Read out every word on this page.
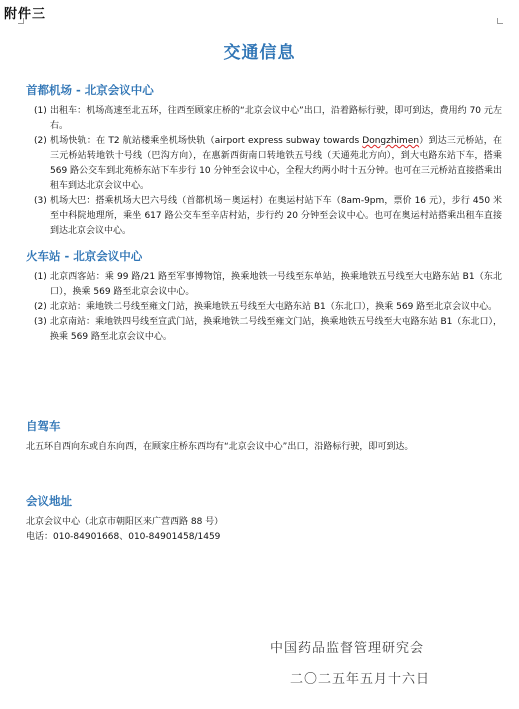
附件三
交通信息
首都机场 - 北京会议中心
(1) 出租车：机场高速至北五环，往西至顾家庄桥的“北京会议中心”出口，沿着路标行驶，即可到达，费用约 70 元左右。
(2) 机场快轨：在 T2 航站楼乘坐机场快轨（airport express subway towards Dongzhimen）到达三元桥站，在三元桥站转地铁十号线（巴沟方向），在惠新西街南口转地铁五号线（天通苑北方向），到大屯路东站下车，搭乘 569 路公交车到北苑桥东站下车步行 10 分钟至会议中心，全程大约两小时十五分钟。也可在三元桥站直接搭乘出租车到达北京会议中心。
(3) 机场大巴：搭乘机场大巴六号线（首都机场－奥运村）在奥运村站下车（8am-9pm，票价 16 元），步行 450 米至中科院地理所，乘坐 617 路公交车至辛店村站，步行约 20 分钟至会议中心。也可在奥运村站搭乘出租车直接到达北京会议中心。
火车站 - 北京会议中心
(1) 北京西客站：乘 99 路/21 路至军事博物馆，换乘地铁一号线至东单站，换乘地铁五号线至大屯路东站 B1（东北口），换乘 569 路至北京会议中心。
(2) 北京站：乘地铁二号线至雍文门站，换乘地铁五号线至大屯路东站 B1（东北口），换乘 569 路至北京会议中心。
(3) 北京南站：乘地铁四号线至宣武门站，换乘地铁二号线至雍文门站，换乘地铁五号线至大屯路东站 B1（东北口），换乘 569 路至北京会议中心。
自驾车
北五环自西向东或自东向西，在顾家庄桥东西均有“北京会议中心”出口，沿路标行驶，即可到达。
会议地址
北京会议中心（北京市朝阳区来广营西路 88 号）
电话：010-84901668、010-84901458/1459
中国药品监督管理研究会
二〇二五年五月十六日
